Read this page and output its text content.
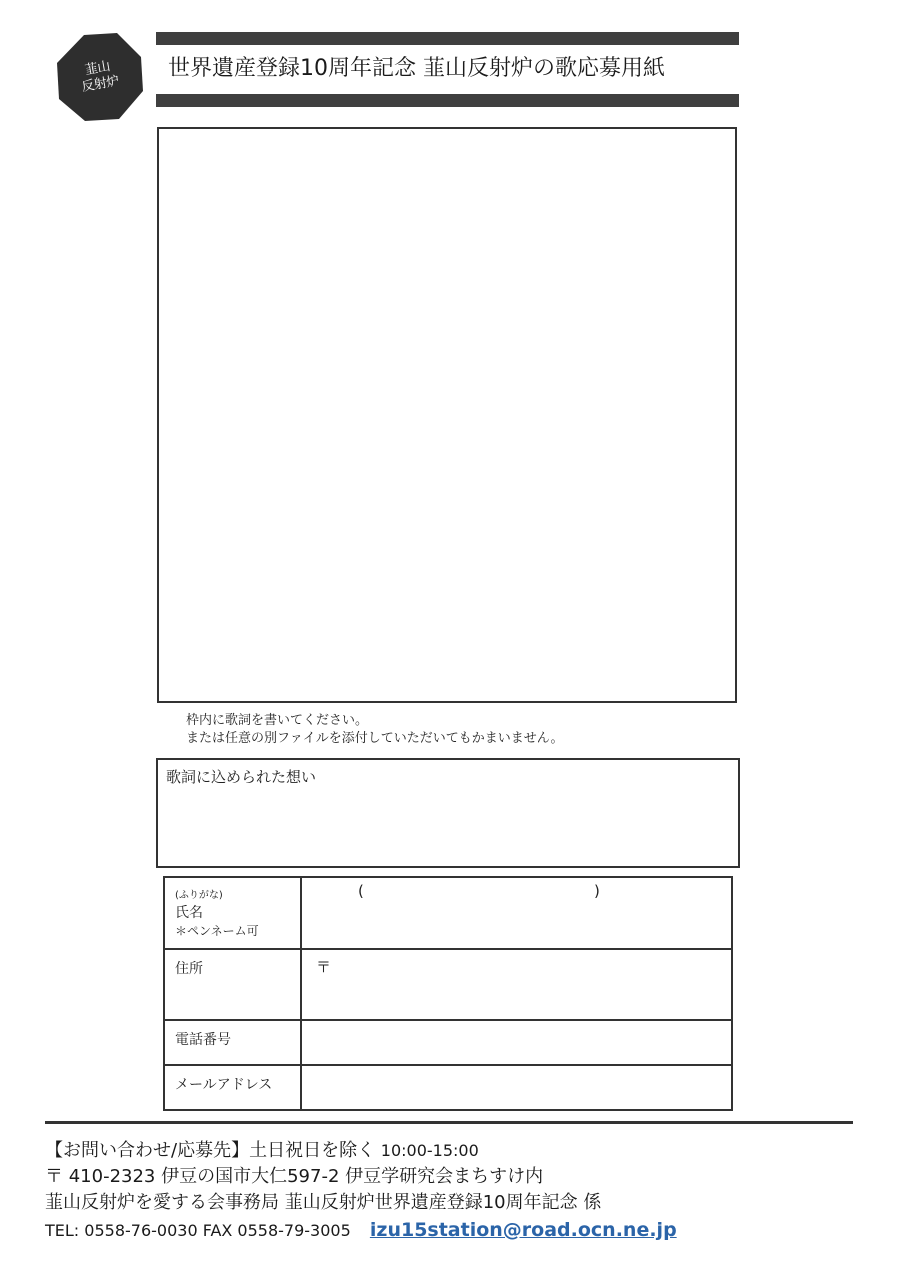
韮山
反射炉
世界遺産登録10周年記念 韮山反射炉の歌応募用紙
枠内に歌詞を書いてください。
または任意の別ファイルを添付していただいてもかまいません。
歌詞に込められた想い
(ふりがな)
氏名
＊ペンネーム可
(	)
住所	〒
電話番号
メールアドレス
【お問い合わせ/応募先】土日祝日を除く 10:00-15:00
〒 410-2323 伊豆の国市大仁597-2 伊豆学研究会まちすけ内
韮山反射炉を愛する会事務局 韮山反射炉世界遺産登録10周年記念 係
TEL: 0558-76-0030 FAX 0558-79-3005 izu15station@road.ocn.ne.jp
